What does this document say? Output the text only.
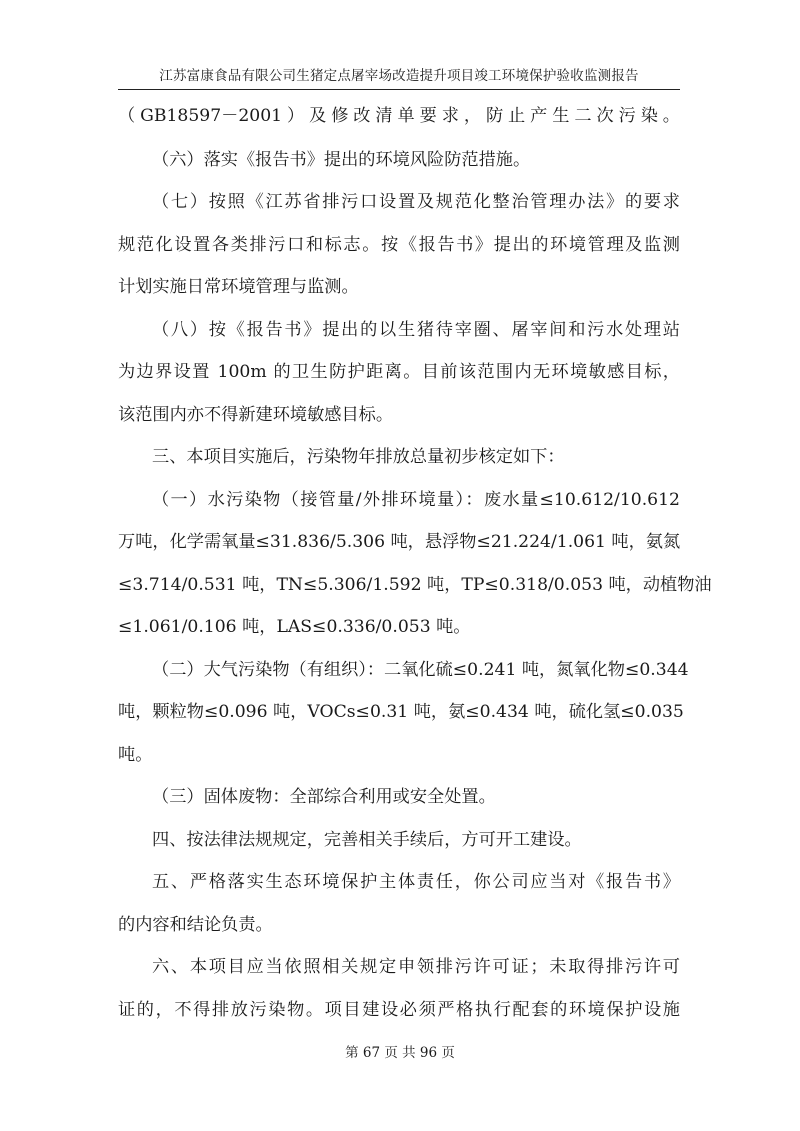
江苏富康食品有限公司生猪定点屠宰场改造提升项目竣工环境保护验收监测报告
（GB18597－2001）及修改清单要求，防止产生二次污染。
（六）落实《报告书》提出的环境风险防范措施。
（七）按照《江苏省排污口设置及规范化整治管理办法》的要求
规范化设置各类排污口和标志。按《报告书》提出的环境管理及监测
计划实施日常环境管理与监测。
（八）按《报告书》提出的以生猪待宰圈、屠宰间和污水处理站
为边界设置 100m 的卫生防护距离。目前该范围内无环境敏感目标，
该范围内亦不得新建环境敏感目标。
三、本项目实施后，污染物年排放总量初步核定如下：
（一）水污染物（接管量/外排环境量）：废水量≤10.612/10.612
万吨，化学需氧量≤31.836/5.306 吨，悬浮物≤21.224/1.061 吨，氨氮
≤3.714/0.531 吨，TN≤5.306/1.592 吨，TP≤0.318/0.053 吨，动植物油
≤1.061/0.106 吨，LAS≤0.336/0.053 吨。
（二）大气污染物（有组织）：二氧化硫≤0.241 吨，氮氧化物≤0.344
吨，颗粒物≤0.096 吨，VOCs≤0.31 吨，氨≤0.434 吨，硫化氢≤0.035
吨。
（三）固体废物：全部综合利用或安全处置。
四、按法律法规规定，完善相关手续后，方可开工建设。
五、严格落实生态环境保护主体责任，你公司应当对《报告书》
的内容和结论负责。
六、本项目应当依照相关规定申领排污许可证；未取得排污许可
证的，不得排放污染物。项目建设必须严格执行配套的环境保护设施
第 67 页 共 96 页
